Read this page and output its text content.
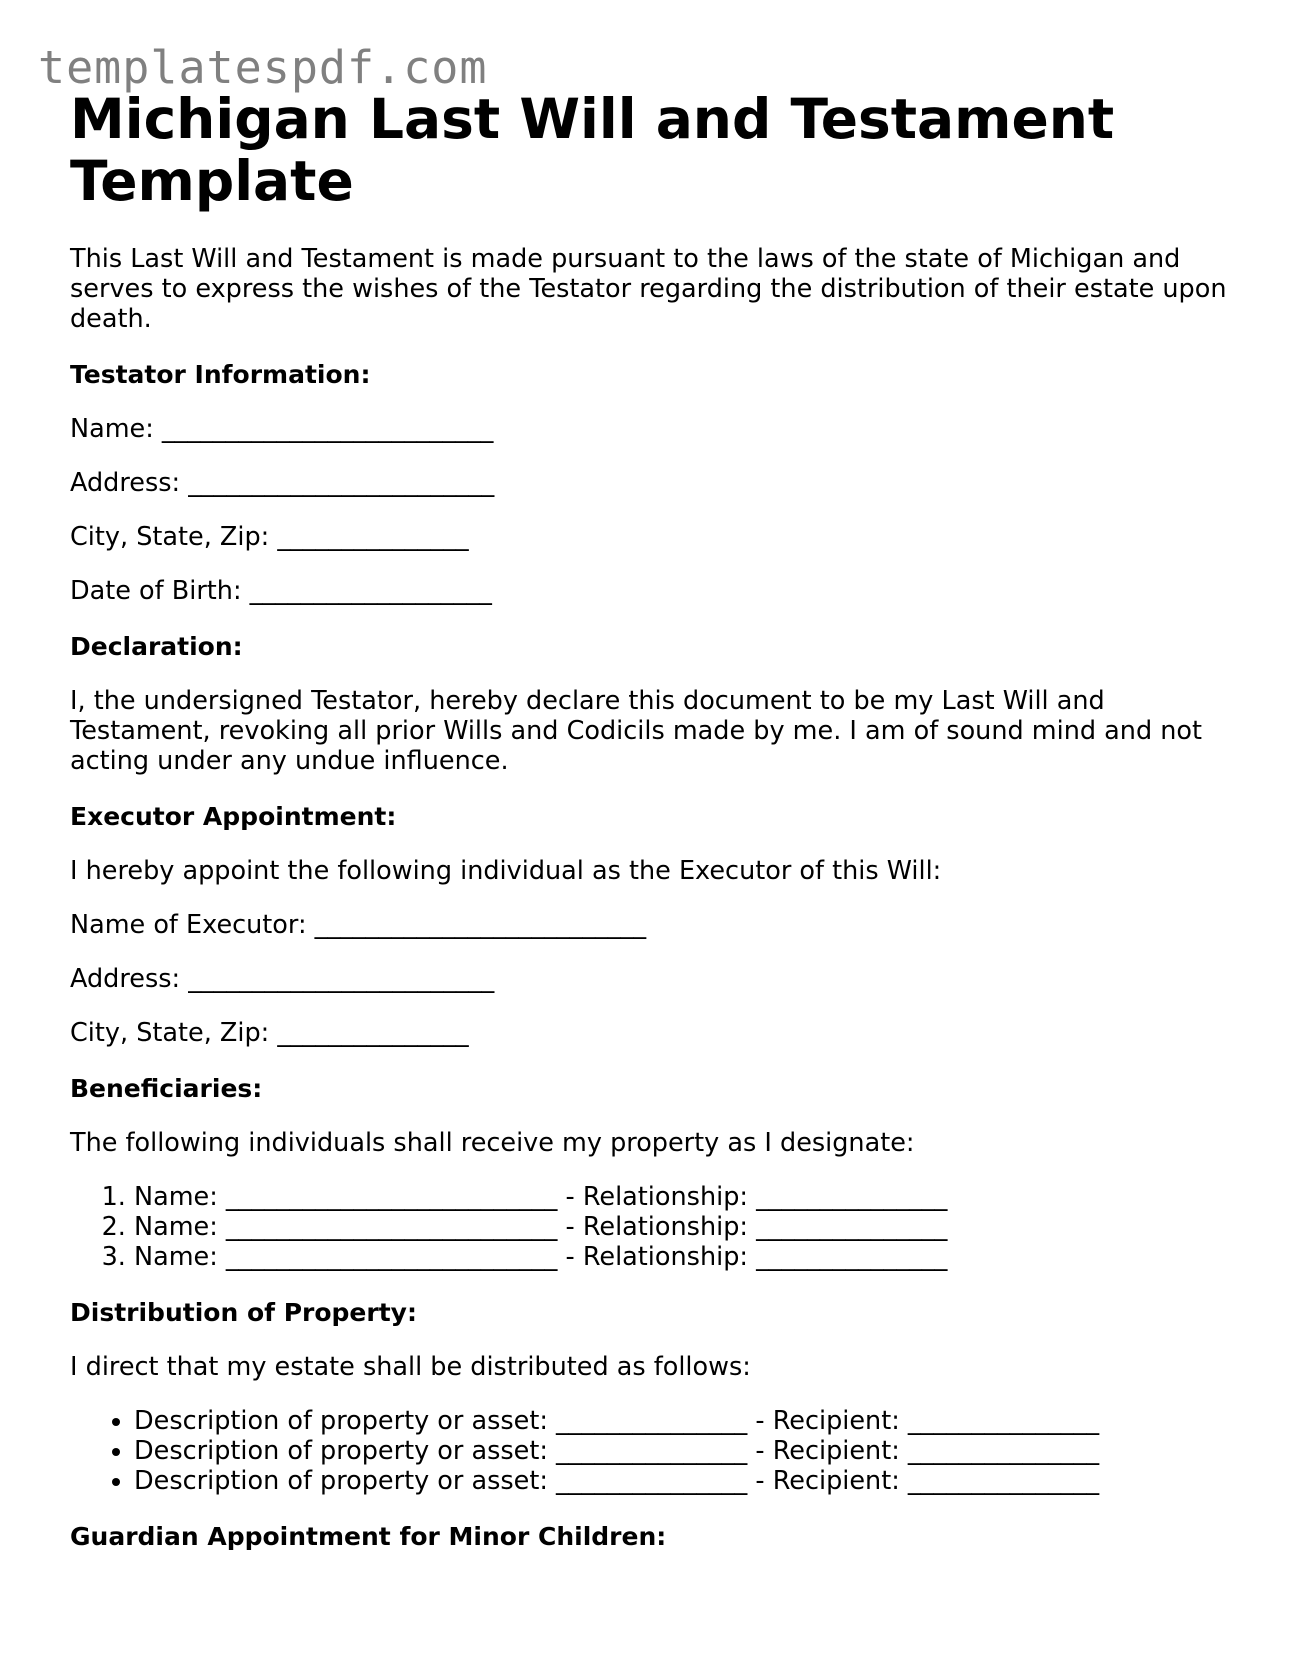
templatespdf.com
Michigan Last Will and Testament Template

This Last Will and Testament is made pursuant to the laws of the state of Michigan and serves to express the wishes of the Testator regarding the distribution of their estate upon death.

Testator Information:

Name: __________________________

Address: ________________________

City, State, Zip: _______________

Date of Birth: ___________________

Declaration:

I, the undersigned Testator, hereby declare this document to be my Last Will and Testament, revoking all prior Wills and Codicils made by me. I am of sound mind and not acting under any undue influence.

Executor Appointment:

I hereby appoint the following individual as the Executor of this Will:

Name of Executor: __________________________

Address: ________________________

City, State, Zip: _______________

Beneficiaries:

The following individuals shall receive my property as I designate:

1. Name: __________________________ - Relationship: _______________
2. Name: __________________________ - Relationship: _______________
3. Name: __________________________ - Relationship: _______________
Distribution of Property:

I direct that my estate shall be distributed as follows:

• Description of property or asset: _______________ - Recipient: _______________
• Description of property or asset: _______________ - Recipient: _______________
• Description of property or asset: _______________ - Recipient: _______________
Guardian Appointment for Minor Children:
